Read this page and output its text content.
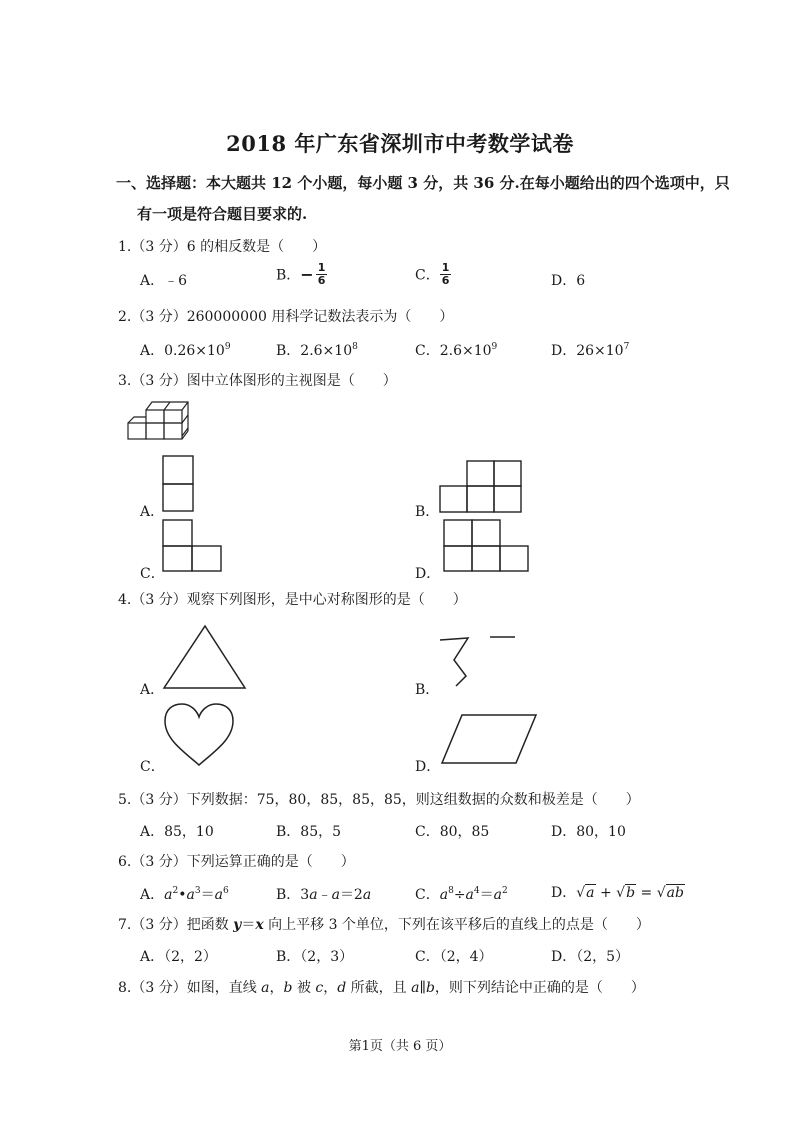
2018 年广东省深圳市中考数学试卷
一、选择题：本大题共 12 个小题，每小题 3 分，共 36 分.在每小题给出的四个选项中，只
有一项是符合题目要求的.
1.（3 分）6 的相反数是（　　）
A．﹣6	B．− $\frac{1}{6}$	C． $\frac{1}{6}$	D．6
2.（3 分）260000000 用科学记数法表示为（　　）
A．$0.26\times 10^9$	B．$2.6\times 10^8$	C．$2.6\times 10^9$	D．$26\times 10^7$
3.（3 分）图中立体图形的主视图是（　　）
A．	B．
C．	D．
4.（3 分）观察下列图形，是中心对称图形的是（　　）
A．	B．
C．	D．
5.（3 分）下列数据：75，80，85，85，85，则这组数据的众数和极差是（　　）
A．85，10	B．85，5	C．80，85	D．80，10
6.（3 分）下列运算正确的是（　　）
A．$a^2•a^3=a^6$	B．3a﹣a＝2a	C．$a^8\div a^4=a^2$	D．√a + √b = √ab
7.（3 分）把函数 y＝x 向上平移 3 个单位，下列在该平移后的直线上的点是（　　）
A．（2，2）	B．（2，3）	C．（2，4）	D．（2，5）
8.（3 分）如图，直线 a，b 被 c，d 所截，且 a∥b，则下列结论中正确的是（　　）
第1页（共 6 页）
